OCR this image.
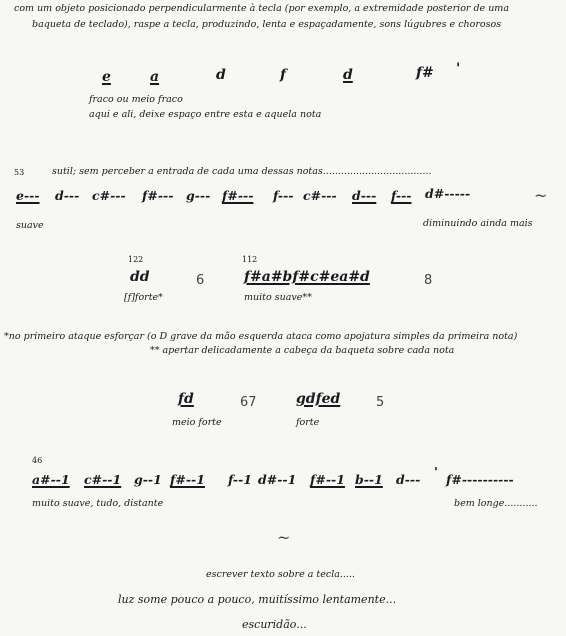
com um objeto posicionado perpendicularmente à tecla (por exemplo, a extremidade posterior de uma
baqueta de teclado), raspe a tecla, produzindo, lenta e espaçadamente, sons lúgubres e chorosos
e	a	d	f	d	f# '
fraco ou meio fraco
aqui e ali, deixe espaço entre esta e aquela nota
53	sutil; sem perceber a entrada de cada uma dessas notas....................................
e--- d--- c#--- f#--- g--- f#--- f--- c#--- d--- f--- d#-----	~
suave	diminuindo ainda mais
122
dd
[f]forte*
6
112
f#a#bf#c#ea#d
muito suave**
8
*no primeiro ataque esforçar (o D grave da mão esquerda ataca como apojatura simples da primeira nota)
** apertar delicadamente a cabeça da baqueta sobre cada nota
fd
meio forte
67	gdfed
forte
5
46
a#--1 c#--1 g--1 f#--1 f--1 d#--1 f#--1 b--1 d---
'
f#----------
muito suave, tudo, distante	bem longe...........
~
escrever texto sobre a tecla.....
luz some pouco a pouco, muitíssimo lentamente...
escuridão...
